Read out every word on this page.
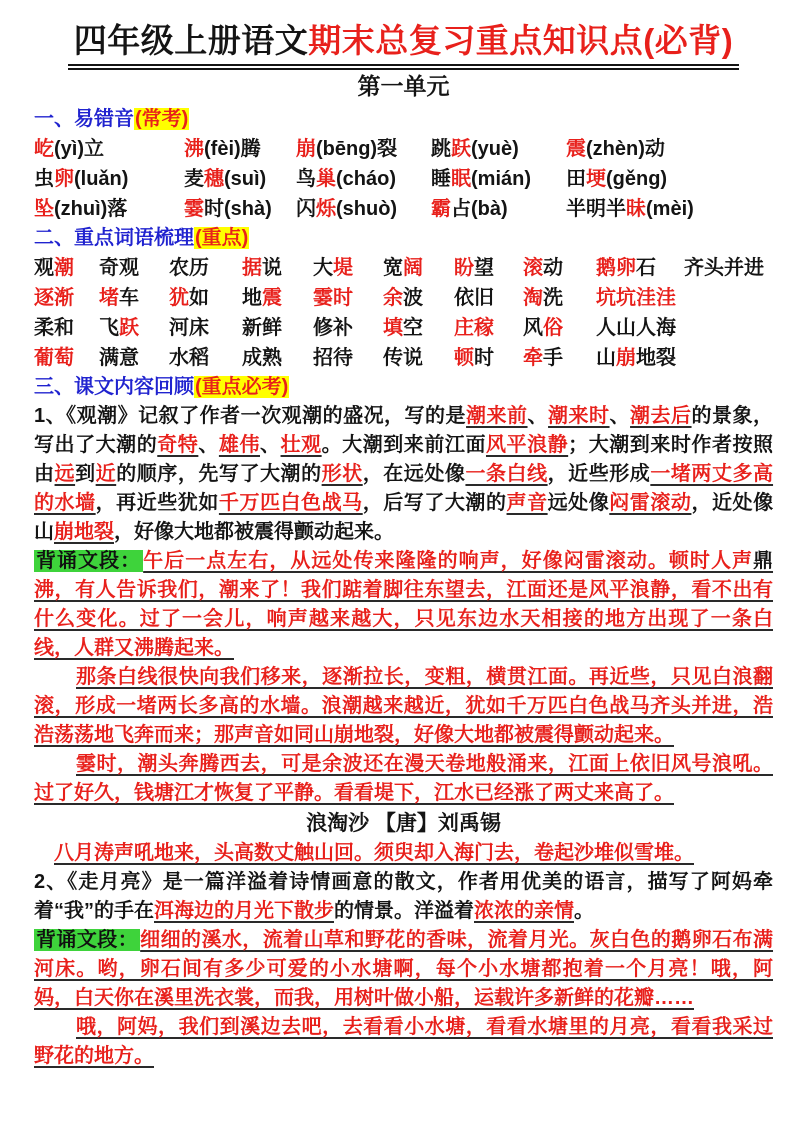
四年级上册语文期末总复习重点知识点(必背)
第一单元
一、易错音(常考)
屹(yì)立	沸(fèi)腾	崩(bēng)裂	跳跃(yuè)	震(zhèn)动
虫卵(luǎn)	麦穗(suì)	鸟巢(cháo)	睡眠(mián)	田埂(gěng)
坠(zhuì)落	霎时(shà)	闪烁(shuò)	霸占(bà)	半明半昧(mèi)
二、重点词语梳理(重点)
观潮	奇观	农历	据说	大堤	宽阔	盼望	滚动	鹅卵石	齐头并进
逐渐	堵车	犹如	地震	霎时	余波	依旧	淘洗	坑坑洼洼
柔和	飞跃	河床	新鲜	修补	填空	庄稼	风俗	人山人海
葡萄	满意	水稻	成熟	招待	传说	顿时	牵手	山崩地裂
三、课文内容回顾(重点必考)

1、《观潮》记叙了作者一次观潮的盛况，写的是潮来前、潮来时、潮去后的景象，写出了大潮的奇特、雄伟、壮观。大潮到来前江面风平浪静；大潮到来时作者按照由远到近的顺序，先写了大潮的形状，在远处像一条白线，近些形成一堵两丈多高的水墙，再近些犹如千万匹白色战马，后写了大潮的声音远处像闷雷滚动，近处像山崩地裂，好像大地都被震得颤动起来。

背诵文段： 午后一点左右，从远处传来隆隆的响声，好像闷雷滚动。顿时人声鼎沸，有人告诉我们，潮来了！我们踮着脚往东望去，江面还是风平浪静，看不出有什么变化。过了一会儿，响声越来越大，只见东边水天相接的地方出现了一条白线，人群又沸腾起来。

那条白线很快向我们移来，逐渐拉长，变粗，横贯江面。再近些，只见白浪翻滚，形成一堵两长多高的水墙。浪潮越来越近，犹如千万匹白色战马齐头并进，浩浩荡荡地飞奔而来；那声音如同山崩地裂，好像大地都被震得颤动起来。

霎时，潮头奔腾西去，可是余波还在漫天卷地般涌来，江面上依旧风号浪吼。过了好久，钱塘江才恢复了平静。看看堤下，江水已经涨了两丈来高了。

浪淘沙 【唐】刘禹锡

八月涛声吼地来，头高数丈触山回。须臾却入海门去，卷起沙堆似雪堆。

2、《走月亮》是一篇洋溢着诗情画意的散文，作者用优美的语言，描写了阿妈牵着“我”的手在洱海边的月光下散步的情景。洋溢着浓浓的亲情。

背诵文段： 细细的溪水，流着山草和野花的香味，流着月光。灰白色的鹅卵石布满河床。哟，卵石间有多少可爱的小水塘啊，每个小水塘都抱着一个月亮！哦，阿妈，白天你在溪里洗衣裳，而我，用树叶做小船，运载许多新鲜的花瓣……

哦，阿妈，我们到溪边去吧，去看看小水塘，看看水塘里的月亮，看看我采过野花的地方。
